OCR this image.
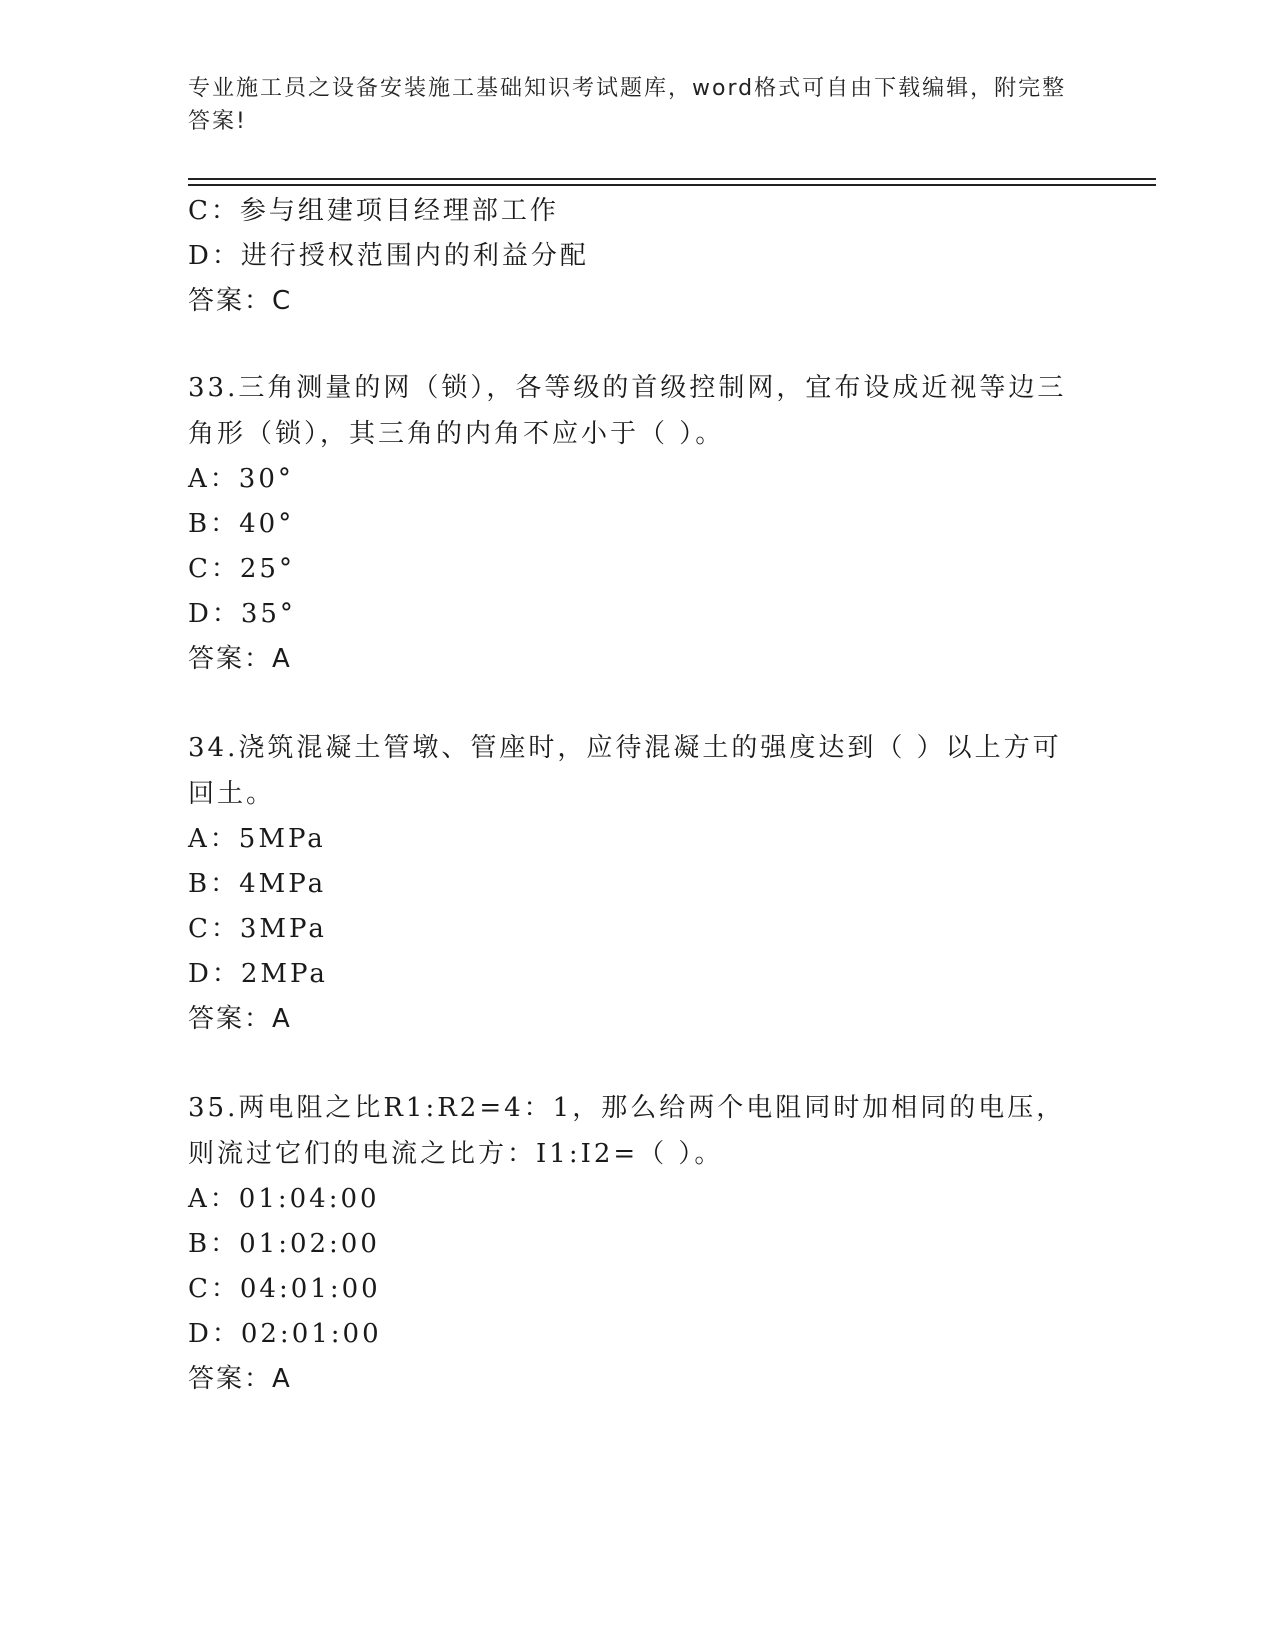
专业施工员之设备安装施工基础知识考试题库，word格式可自由下载编辑，附完整答案!
C：参与组建项目经理部工作
D：进行授权范围内的利益分配
答案：C
33.三角测量的网（锁），各等级的首级控制网，宜布设成近视等边三角形（锁），其三角的内角不应小于（ ）。
A：30°
B：40°
C：25°
D：35°
答案：A
34.浇筑混凝土管墩、管座时，应待混凝土的强度达到（ ）以上方可回土。
A：5MPa
B：4MPa
C：3MPa
D：2MPa
答案：A
35.两电阻之比R1:R2=4：1，那么给两个电阻同时加相同的电压，则流过它们的电流之比方：I1:I2=（ ）。
A：01:04:00
B：01:02:00
C：04:01:00
D：02:01:00
答案：A
